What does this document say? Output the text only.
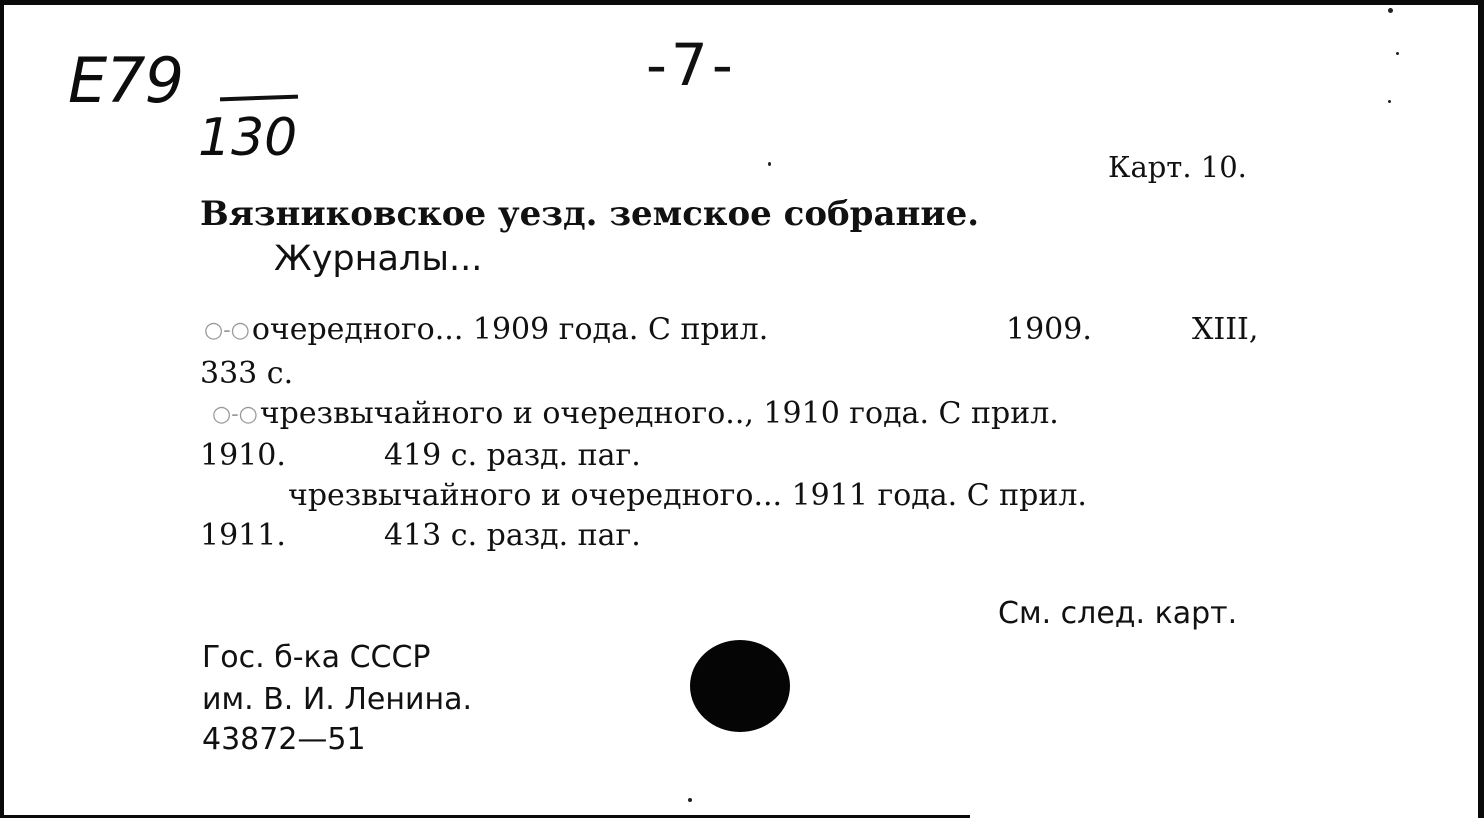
E79
130
-7-
Карт. 10.
Вязниковское уезд. земское собрание.
Журналы...
○-○очередного... 1909 года. С прил.	1909.	XIII,
333 с.
○-○чрезвычайного и очередного.., 1910 года. С прил.
1910.	419 с. разд. паг.
чрезвычайного и очередного... 1911 года. С прил.
1911.	413 с. разд. паг.
См. след. карт.
Гос. б-ка СССР
им. В. И. Ленина.
43872—51
